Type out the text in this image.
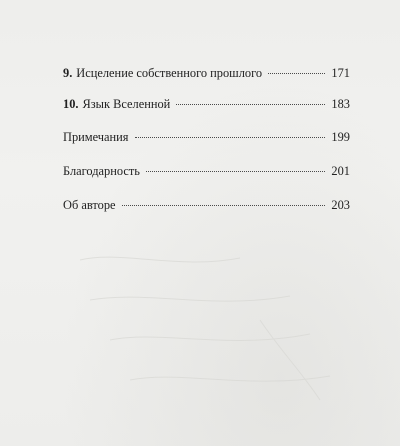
9. Исцеление собственного прошлого	171
10. Язык Вселенной	183
Примечания	199
Благодарность	201
Об авторе	203
